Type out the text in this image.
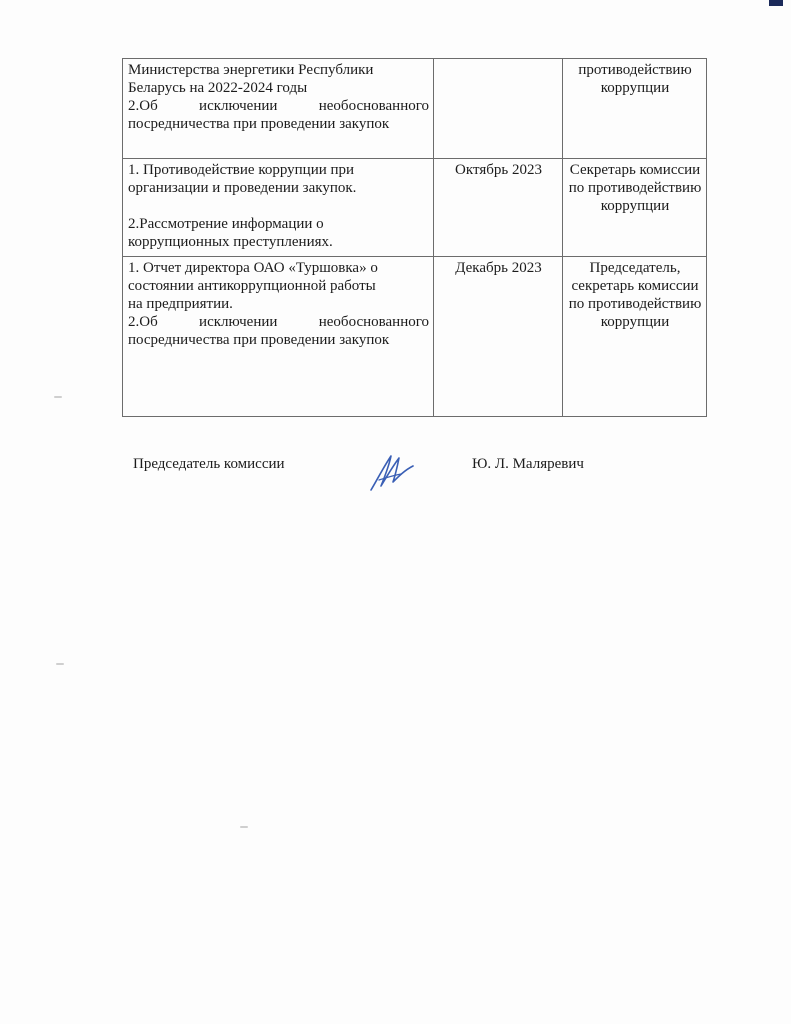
Министерства энергетики Республики
Беларусь на 2022-2024 годы
2.Об исключении необоснованного
посредничества при проведении закупок		противодействию коррупции

1. Противодействие коррупции при
организации и проведении закупок.
2.Рассмотрение информации о
коррупционных преступлениях.	Октябрь 2023	Секретарь комиссии по противодействию коррупции

1. Отчет директора ОАО «Туршовка» о
состоянии антикоррупционной работы
на предприятии.
2.Об исключении необоснованного
посредничества при проведении закупок	Декабрь 2023	Председатель, секретарь комиссии по противодействию коррупции

Председатель комиссии	Ю. Л. Маляревич
